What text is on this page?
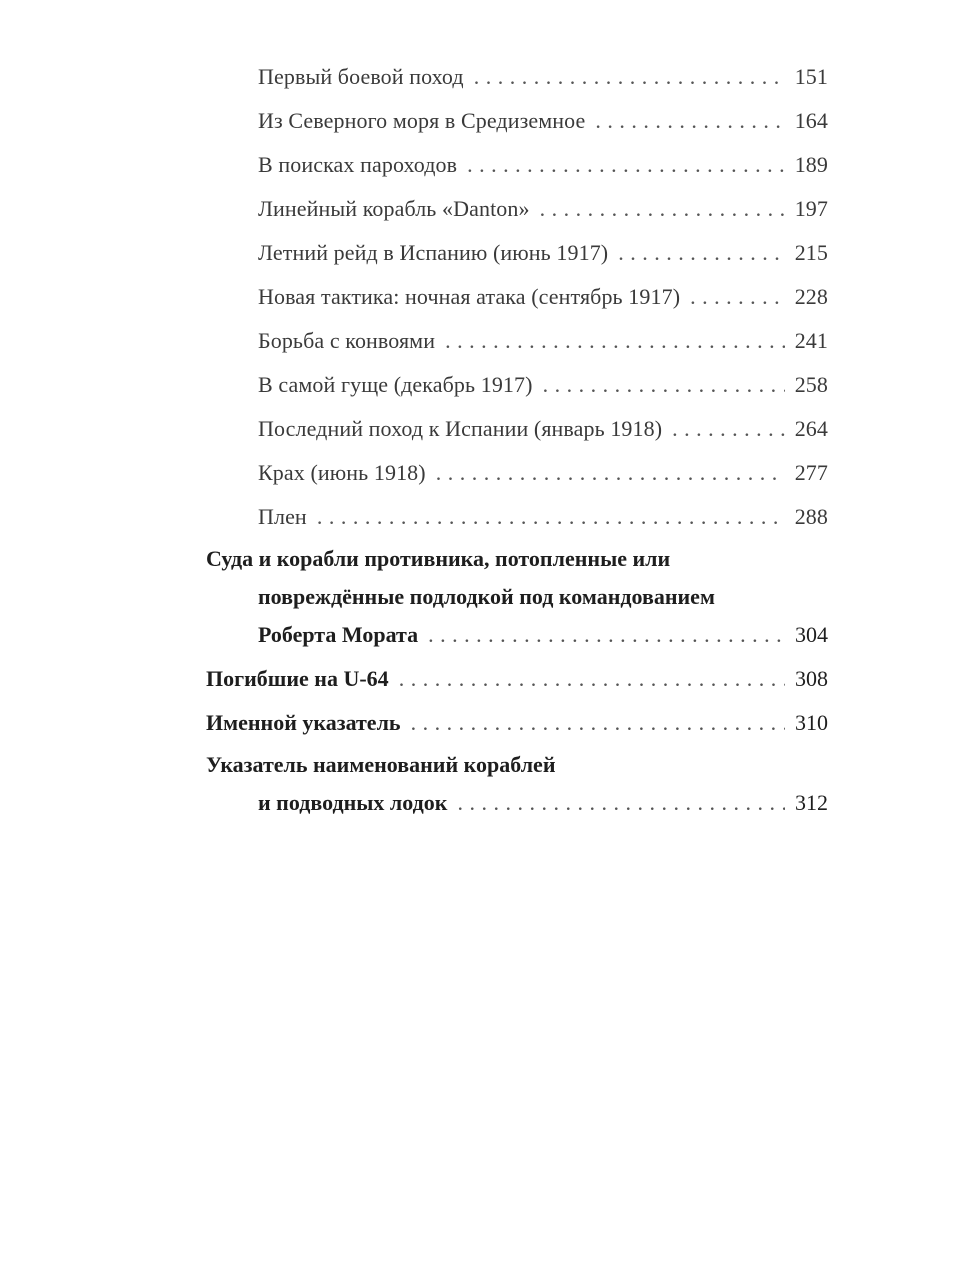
Первый боевой поход . . .	151
Из Северного моря в Средиземное . . .	164
В поисках пароходов . . .	189
Линейный корабль «Danton» . . .	197
Летний рейд в Испанию (июнь 1917) . . .	215
Новая тактика: ночная атака (сентябрь 1917) . . .	228
Борьба с конвоями . . .	241
В самой гуще (декабрь 1917) . . .	258
Последний поход к Испании (январь 1918) . . .	264
Крах (июнь 1918) . . .	277
Плен . . .	288
Суда и корабли противника, потопленные или
повреждённые подлодкой под командованием
Роберта Мората . . .	304
Погибшие на U-64 . . .	308
Именной указатель . . .	310
Указатель наименований кораблей
и подводных лодок . . .	312
